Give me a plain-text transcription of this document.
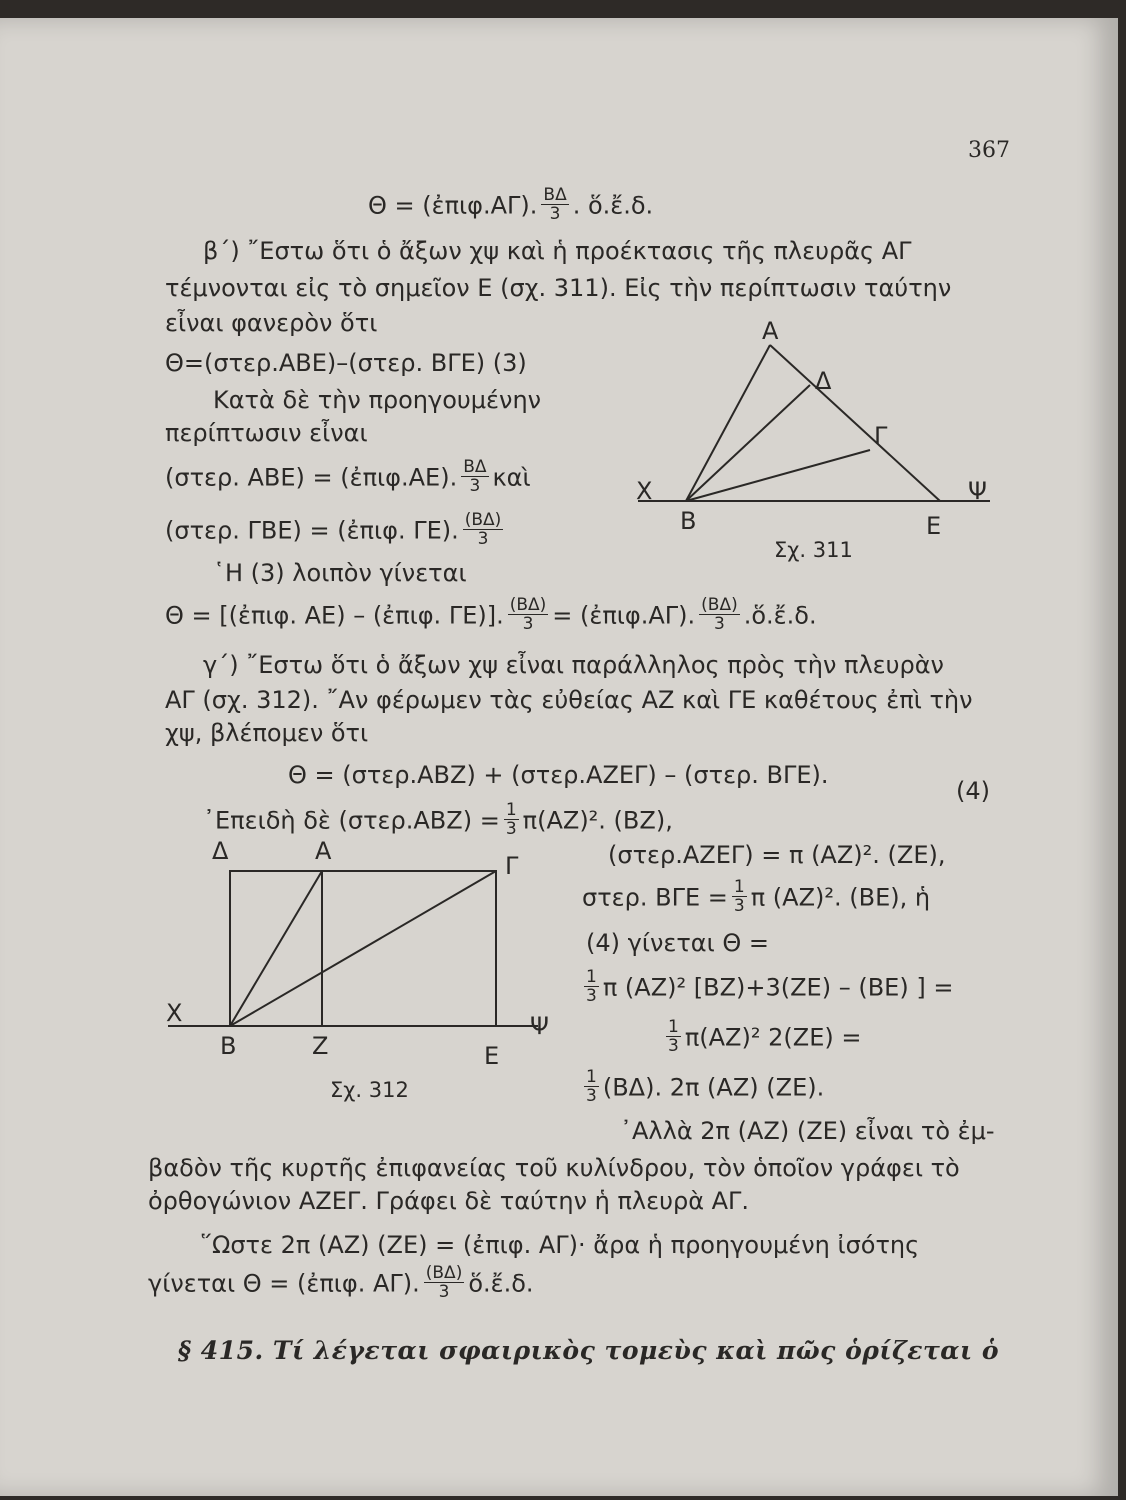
367
Θ = (ἐπιφ.ΑΓ). $\frac{B\Delta}{3}$ . ὅ.ἔ.δ.
β΄) ῎Εστω ὅτι ὁ ἄξων χψ καὶ ἡ προέκτασις τῆς πλευρᾶς ΑΓ
τέμνονται εἰς τὸ σημεῖον Ε (σχ. 311). Εἰς τὴν περίπτωσιν ταύτην
εἶναι φανερὸν ὅτι
Θ=(στερ.ΑΒΕ)–(στερ. ΒΓΕ) (3)
Κατὰ δὲ τὴν προηγουμένην
περίπτωσιν εἶναι
(στερ. ΑΒΕ) = (ἐπιφ.ΑΕ). $\frac{B\Delta}{3}$ καὶ
(στερ. ΓΒΕ) = (ἐπιφ. ΓΕ). $\frac{(B\Delta)}{3}$
῾Η (3) λοιπὸν γίνεται
Α
Δ
Γ
Χ	Ψ
Β	Ε
Σχ. 311
Θ = [(ἐπιφ. ΑΕ) – (ἐπιφ. ΓΕ)]. $\frac{(B\Delta)}{3}$ = (ἐπιφ.ΑΓ). $\frac{(B\Delta)}{3}$ .ὅ.ἔ.δ.
γ΄) ῎Εστω ὅτι ὁ ἄξων χψ εἶναι παράλληλος πρὸς τὴν πλευρὰν
ΑΓ (σχ. 312). ῎Αν φέρωμεν τὰς εὐθείας ΑΖ καὶ ΓΕ καθέτους ἐπὶ τὴν
χψ, βλέπομεν ὅτι
Θ = (στερ.ΑΒΖ) + (στερ.ΑΖΕΓ) – (στερ. ΒΓΕ).
(4)
᾿Επειδὴ δὲ $(\sigma\tau\varepsilon\rho.ABZ) = \frac{1}{3} \pi(AZ)^2$. (ΒΖ),
Δ	Α
Γ
Χ	Ψ
Β	Ζ	Ε
Σχ. 312
(στερ.ΑΖΕΓ) = π (ΑΖ)². (ΖΕ),
στερ. $B\Gamma E = \frac{1}{3}$ π (ΑΖ)². (ΒΕ), ἡ
(4) γίνεται Θ =
$\frac{1}{3}$ π (ΑΖ)² [ΒΖ)+3(ΖΕ) – (ΒΕ) ] =
$\frac{1}{3} \pi(AZ)^2$ 2(ΖΕ) =
$\frac{1}{3} (B\Delta)$. 2π (ΑΖ) (ΖΕ).
᾿Αλλὰ 2π (ΑΖ) (ΖΕ) εἶναι τὸ ἐμ-
βαδὸν τῆς κυρτῆς ἐπιφανείας τοῦ κυλίνδρου, τὸν ὁποῖον γράφει τὸ
ὀρθογώνιον ΑΖΕΓ. Γράφει δὲ ταύτην ἡ πλευρὰ ΑΓ.
῞Ωστε 2π (ΑΖ) (ΖΕ) = (ἐπιφ. ΑΓ)· ἄρα ἡ προηγουμένη ἰσότης
γίνεται Θ = (ἐπιφ. ΑΓ). $\frac{(B\Delta)}{3}$ ὅ.ἔ.δ.
§ 415. Τί λέγεται σφαιρικὸς τομεὺς καὶ πῶς ὁρίζεται ὁ
